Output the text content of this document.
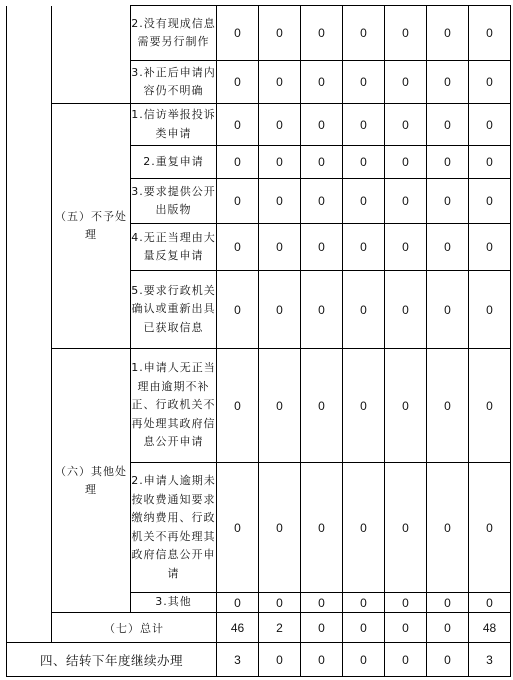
		2.没有现成信息需要另行制作	0	0	0	0	0	0	0
		3.补正后申请内容仍不明确	0	0	0	0	0	0	0
	（五）不予处理	1.信访举报投诉类申请	0	0	0	0	0	0	0
		2.重复申请	0	0	0	0	0	0	0
		3.要求提供公开出版物	0	0	0	0	0	0	0
		4.无正当理由大量反复申请	0	0	0	0	0	0	0
		5.要求行政机关确认或重新出具已获取信息	0	0	0	0	0	0	0
	（六）其他处理	1.申请人无正当理由逾期不补正、行政机关不再处理其政府信息公开申请	0	0	0	0	0	0	0
		2.申请人逾期未按收费通知要求缴纳费用、行政机关不再处理其政府信息公开申请	0	0	0	0	0	0	0
		3.其他	0	0	0	0	0	0	0
	（七）总计		46	2	0	0	0	0	48
四、结转下年度继续办理			3	0	0	0	0	0	3
